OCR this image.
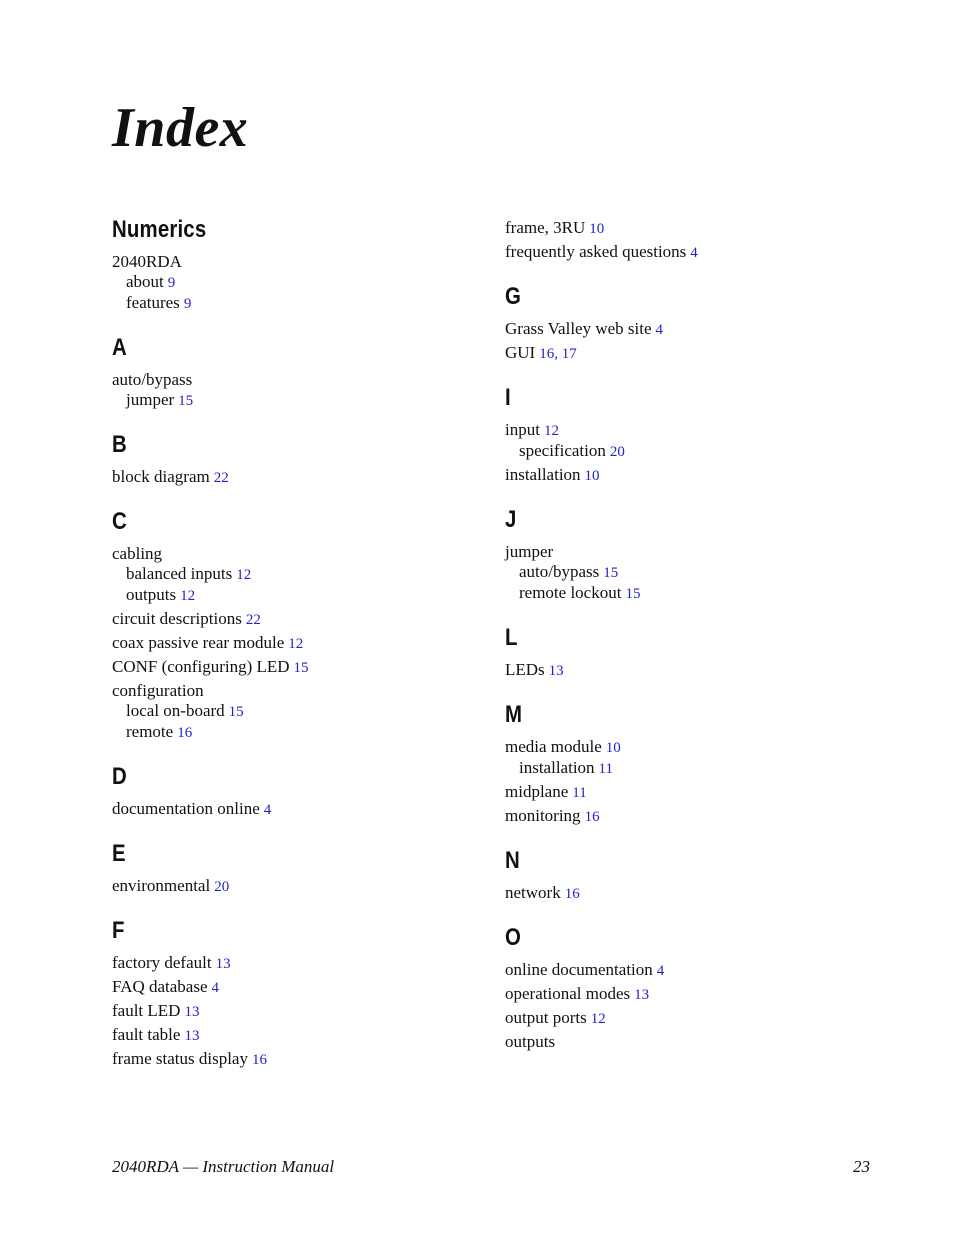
Index
Numerics
2040RDA
about 9
features 9
A
auto/bypass
jumper 15
B
block diagram 22
C
cabling
balanced inputs 12
outputs 12
circuit descriptions 22
coax passive rear module 12
CONF (configuring) LED 15
configuration
local on-board 15
remote 16
D
documentation online 4
E
environmental 20
F
factory default 13
FAQ database 4
fault LED 13
fault table 13
frame status display 16
frame, 3RU 10
frequently asked questions 4
G
Grass Valley web site 4
GUI 16, 17
I
input 12
specification 20
installation 10
J
jumper
auto/bypass 15
remote lockout 15
L
LEDs 13
M
media module 10
installation 11
midplane 11
monitoring 16
N
network 16
O
online documentation 4
operational modes 13
output ports 12
outputs
2040RDA — Instruction Manual	23
